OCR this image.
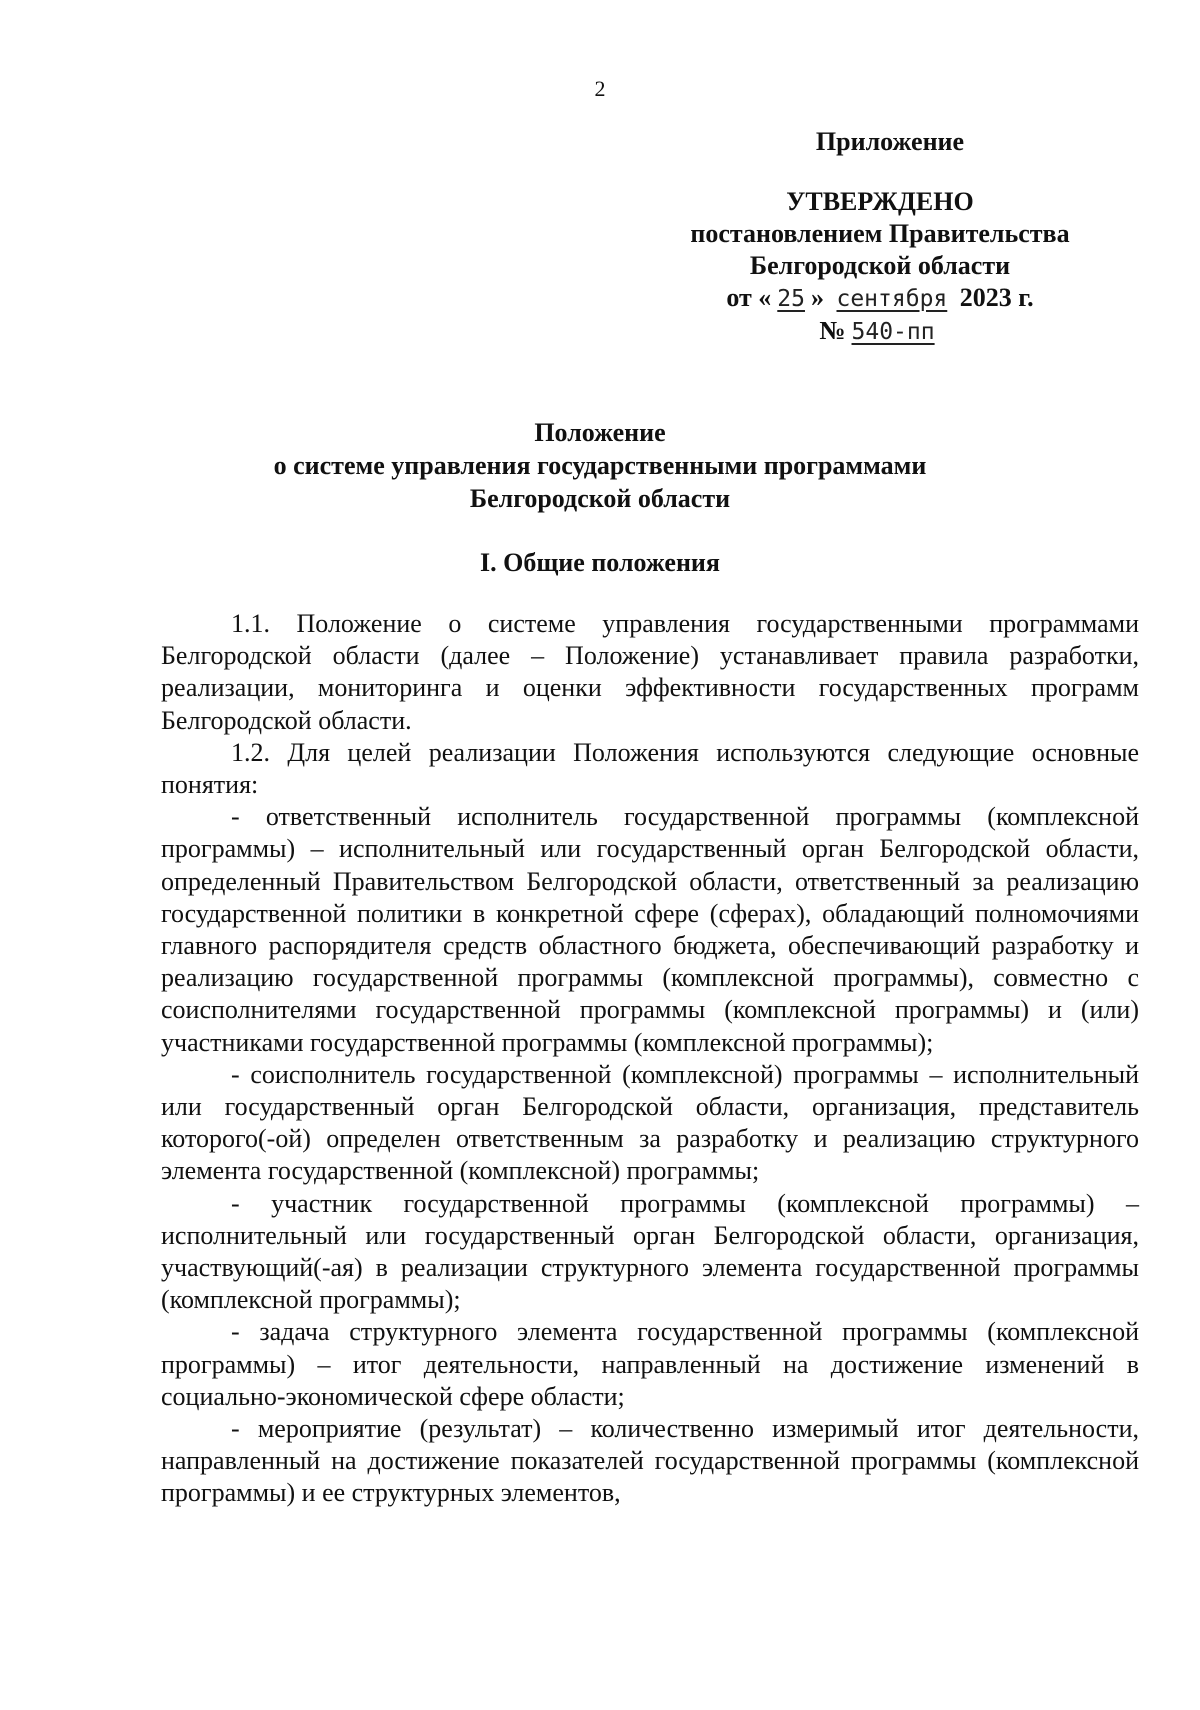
2
Приложение
УТВЕРЖДЕНО
постановлением Правительства
Белгородской области
от « 25 » сентября 2023 г.
№ 540-пп
Положение
о системе управления государственными программами
Белгородской области
I. Общие положения

1.1. Положение о системе управления государственными программами Белгородской области (далее – Положение) устанавливает правила разработки, реализации, мониторинга и оценки эффективности государственных программ Белгородской области.

1.2. Для целей реализации Положения используются следующие основные понятия:

- ответственный исполнитель государственной программы (комплексной программы) – исполнительный или государственный орган Белгородской области, определенный Правительством Белгородской области, ответственный за реализацию государственной политики в конкретной сфере (сферах), обладающий полномочиями главного распорядителя средств областного бюджета, обеспечивающий разработку и реализацию государственной программы (комплексной программы), совместно с соисполнителями государственной программы (комплексной программы) и (или) участниками государственной программы (комплексной программы);

- соисполнитель государственной (комплексной) программы – исполнительный или государственный орган Белгородской области, организация, представитель которого(-ой) определен ответственным за разработку и реализацию структурного элемента государственной (комплексной) программы;

- участник государственной программы (комплексной программы) – исполнительный или государственный орган Белгородской области, организация, участвующий(-ая) в реализации структурного элемента государственной программы (комплексной программы);

- задача структурного элемента государственной программы (комплексной программы) – итог деятельности, направленный на достижение изменений в социально-экономической сфере области;

- мероприятие (результат) – количественно измеримый итог деятельности, направленный на достижение показателей государственной программы (комплексной программы) и ее структурных элементов,
